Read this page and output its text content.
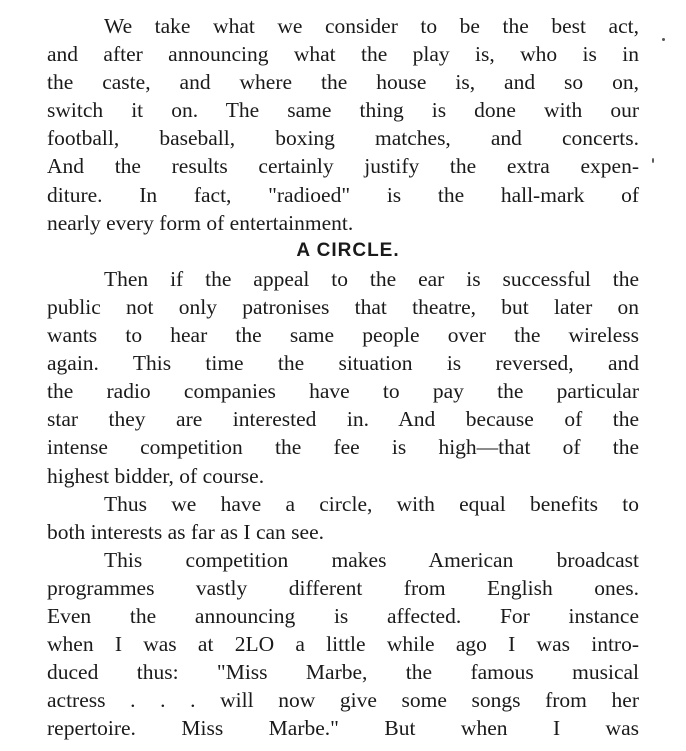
We take what we consider to be the best act,
and after announcing what the play is, who is in
the caste, and where the house is, and so on,
switch it on. The same thing is done with our
football, baseball, boxing matches, and concerts.
And the results certainly justify the extra expen-
diture. In fact, "radioed" is the hall-mark of
nearly every form of entertainment.
A CIRCLE.
Then if the appeal to the ear is successful the
public not only patronises that theatre, but later on
wants to hear the same people over the wireless
again. This time the situation is reversed, and
the radio companies have to pay the particular
star they are interested in. And because of the
intense competition the fee is high—that of the
highest bidder, of course.
Thus we have a circle, with equal benefits to
both interests as far as I can see.
This competition makes American broadcast
programmes vastly different from English ones.
Even the announcing is affected. For instance
when I was at 2LO a little while ago I was intro-
duced thus: "Miss Marbe, the famous musical
actress . . . will now give some songs from her
repertoire. Miss Marbe." But when I was
